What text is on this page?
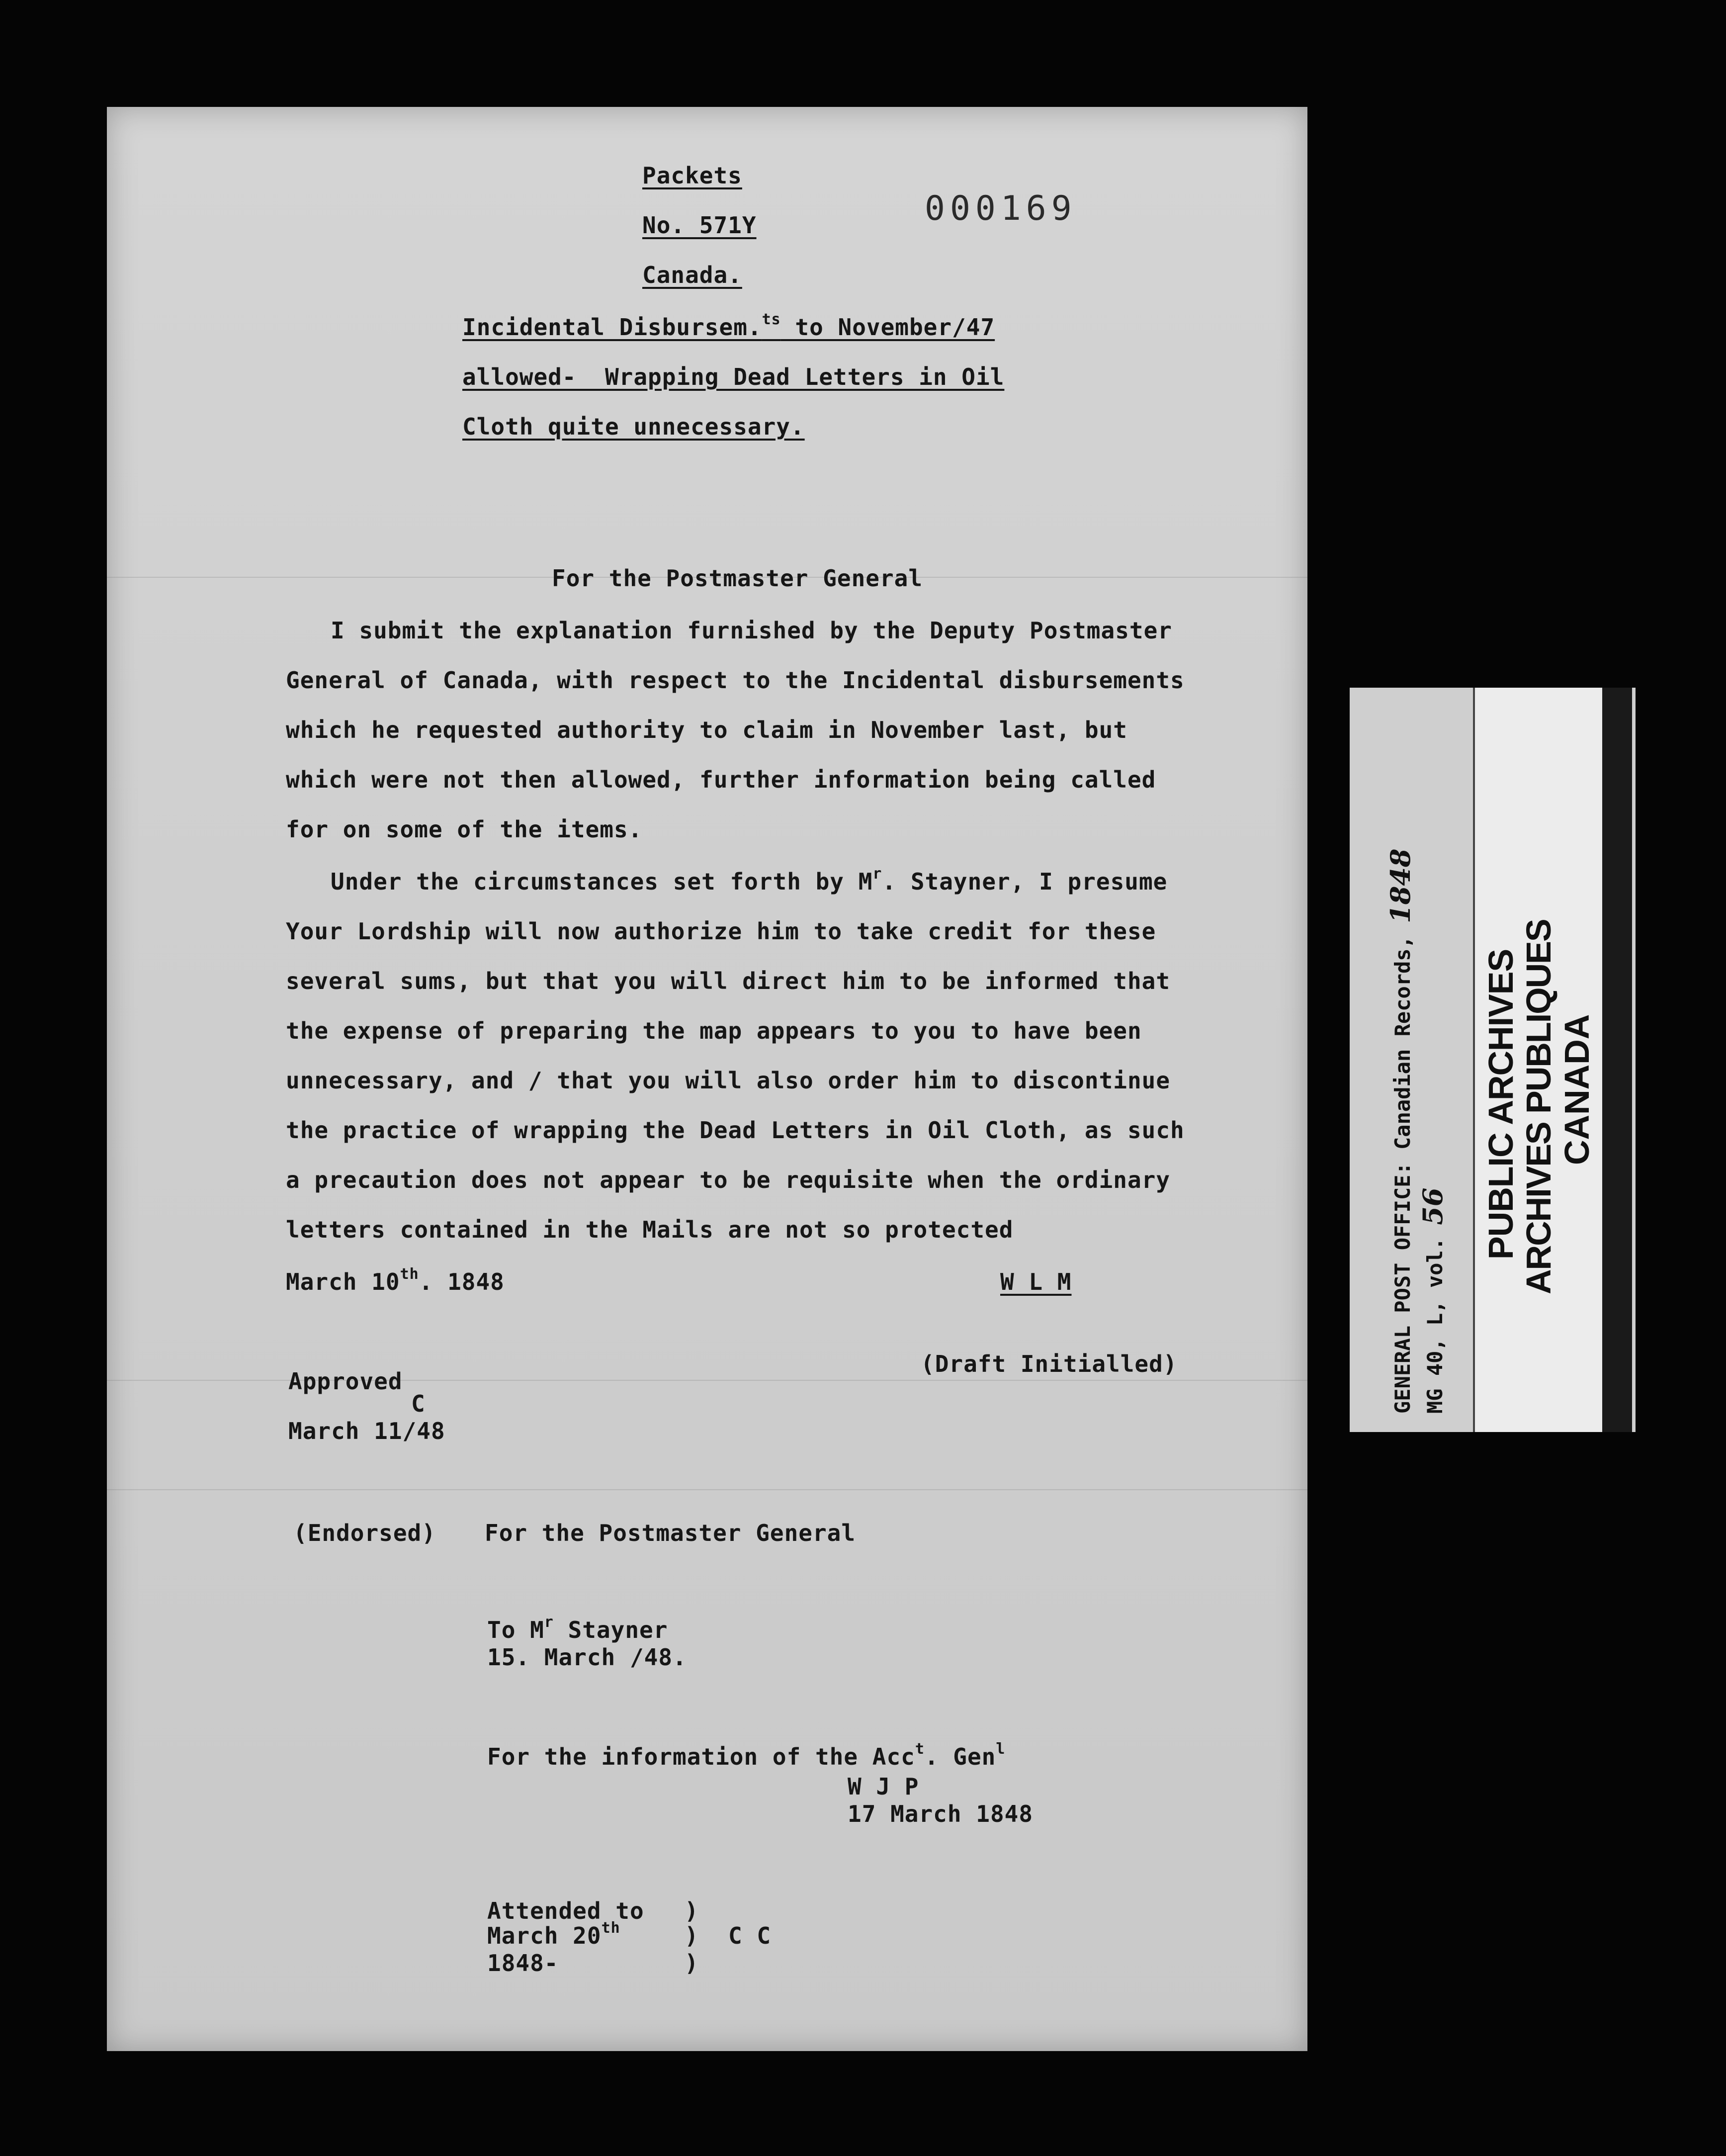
Packets
No. 571Y
Canada.
000169
Incidental Disbursem.$^{ts}$ to November/47
allowed-  Wrapping Dead Letters in Oil
Cloth quite unnecessary.
For the Postmaster General
I submit the explanation furnished by the Deputy Postmaster
General of Canada, with respect to the Incidental disbursements
which he requested authority to claim in November last, but
which were not then allowed, further information being called
for on some of the items.
Under the circumstances set forth by $M^r$. Stayner, I presume
Your Lordship will now authorize him to take credit for these
several sums, but that you will direct him to be informed that
the expense of preparing the map appears to you to have been
unnecessary, and / that you will also order him to discontinue
the practice of wrapping the Dead Letters in Oil Cloth, as such
a precaution does not appear to be requisite when the ordinary
letters contained in the Mails are not so protected
March 10th. 1848	W L M
(Draft Initialled)
Approved
C
March 11/48
(Endorsed) For the Postmaster General
To $M^r$ Stayner
15. March /48.
For the information of the Acc$^t$. Gen$^l$
W J P
17 March 1848
Attended to
March 20th
1848-
)
)
)
C C
GENERAL POST OFFICE: Canadian Records, 1848
MG 40, L, vol. 56 PUBLIC ARCHIVES
ARCHIVES PUBLIQUES CANADA
